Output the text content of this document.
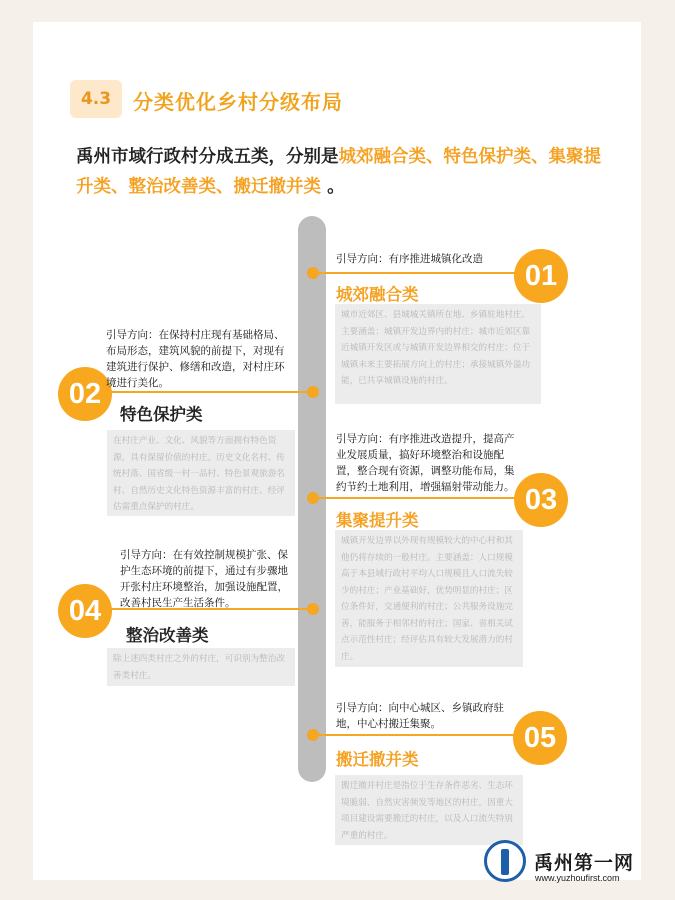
4.3	分类优化乡村分级布局
禹州市域行政村分成五类，分别是城郊融合类、特色保护类、集聚提升类、整治改善类、搬迁撤并类 。
01
引导方向：有序推进城镇化改造
城郊融合类
城市近郊区、县城城关镇所在地、乡镇驻地村庄。主要涵盖：城镇开发边界内的村庄；城市近郊区靠近城镇开发区或与城镇开发边界相交的村庄；位于城镇未来主要拓展方向上的村庄；承接城镇外溢功能，已共享城镇设施的村庄。
02
引导方向：在保持村庄现有基础格局、布局形态，建筑风貌的前提下，对现有建筑进行保护、修缮和改造，对村庄环境进行美化。
特色保护类
在村庄产业、文化、风貌等方面拥有特色资源，具有保留价值的村庄。历史文化名村、传统村落、国省级一村一品村、特色景观旅游名村、自然历史文化特色资源丰富的村庄、经评估需重点保护的村庄。	03
引导方向：有序推进改造提升，提高产业发展质量，搞好环境整治和设施配置，整合现有资源，调整功能布局，集约节约土地利用，增强辐射带动能力。
集聚提升类
城镇开发边界以外现有规模较大的中心村和其他仍将存续的一般村庄。主要涵盖：人口规模高于本县域行政村平均人口规模且人口流失较少的村庄；产业基础好，优势明显的村庄；区位条件好，交通便利的村庄；公共服务设施完善，能服务于相邻村的村庄；国家、省相关试点示范性村庄；经评估具有较大发展潜力的村庄。
04
引导方向：在有效控制规模扩张、保护生态环境的前提下，通过有步骤地开张村庄环境整治，加强设施配置，改善村民生产生活条件。
整治改善类
除上述四类村庄之外的村庄，可识别为整治改善类村庄。
05
引导方向：向中心城区、乡镇政府驻地，中心村搬迁集聚。
搬迁撤并类
搬迁撤并村庄是指位于生存条件恶劣、生态环境脆弱、自然灾害频发等地区的村庄，因重大项目建设需要搬迁的村庄，以及人口流失特别严重的村庄。
禹州第一网
www.yuzhoufirst.com
